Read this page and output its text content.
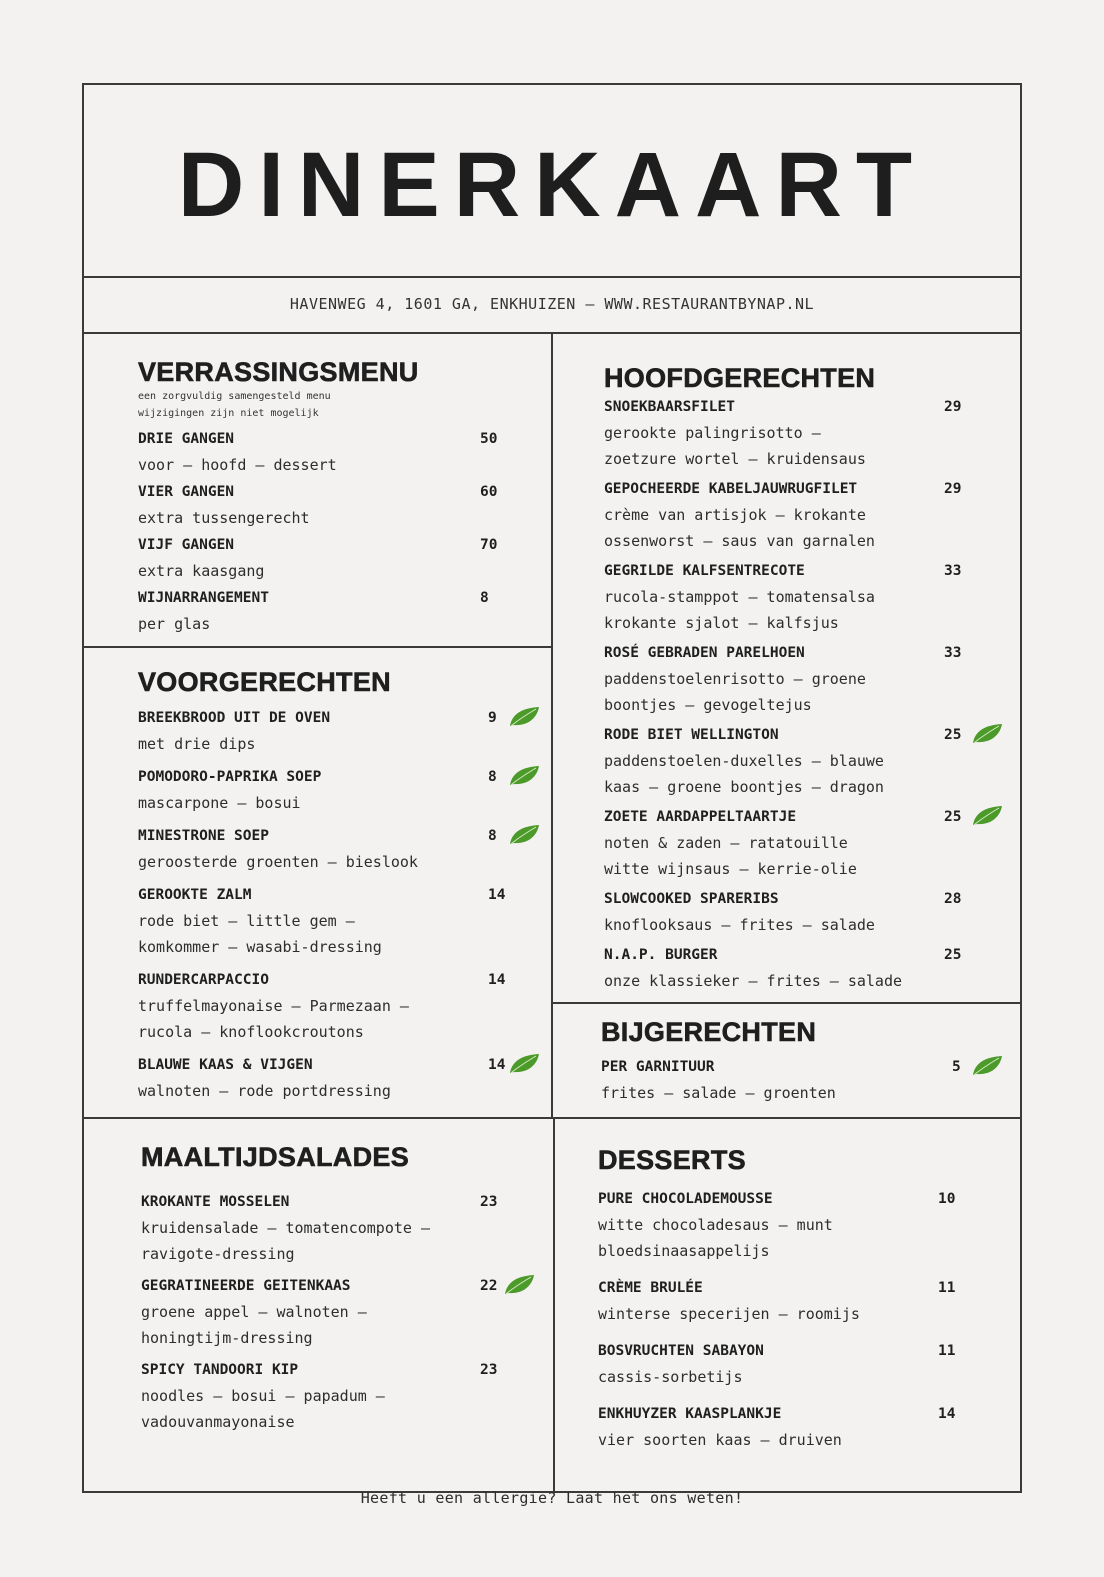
DINERKAART
HAVENWEG 4, 1601 GA, ENKHUIZEN – WWW.RESTAURANTBYNAP.NL
VERRASSINGSMENU

een zorgvuldig samengesteld menu

wijzigingen zijn niet mogelijk

DRIE GANGEN
voor – hoofd – dessert
50
VIER GANGEN
extra tussengerecht
60
VIJF GANGEN
extra kaasgang
70
WIJNARRANGEMENT
per glas
8
VOORGERECHTEN
BREEKBROOD UIT DE OVEN
met drie dips
9
POMODORO-PAPRIKA SOEP
mascarpone – bosui
8
MINESTRONE SOEP
geroosterde groenten – bieslook
8
GEROOKTE ZALM
rode biet – little gem –
komkommer – wasabi-dressing
14
RUNDERCARPACCIO
truffelmayonaise – Parmezaan –
rucola – knoflookcroutons
14
BLAUWE KAAS & VIJGEN
walnoten – rode portdressing
14
MAALTIJDSALADES
KROKANTE MOSSELEN
kruidensalade – tomatencompote –
ravigote-dressing
23
GEGRATINEERDE GEITENKAAS
groene appel – walnoten –
honingtijm-dressing
22
SPICY TANDOORI KIP
noodles – bosui – papadum –
vadouvanmayonaise
23
HOOFDGERECHTEN
SNOEKBAARSFILET
gerookte palingrisotto –
zoetzure wortel – kruidensaus
29
GEPOCHEERDE KABELJAUWRUGFILET
crème van artisjok – krokante
ossenworst – saus van garnalen
29
GEGRILDE KALFSENTRECOTE
rucola-stamppot – tomatensalsa
krokante sjalot – kalfsjus
33
ROSÉ GEBRADEN PARELHOEN
paddenstoelenrisotto – groene
boontjes – gevogeltejus
33
RODE BIET WELLINGTON
paddenstoelen-duxelles – blauwe
kaas – groene boontjes – dragon
25
ZOETE AARDAPPELTAARTJE
noten & zaden – ratatouille
witte wijnsaus – kerrie-olie
25
SLOWCOOKED SPARERIBS
knoflooksaus – frites – salade
28
N.A.P. BURGER
onze klassieker – frites – salade
25
BIJGERECHTEN
PER GARNITUUR
frites – salade – groenten
5
DESSERTS
PURE CHOCOLADEMOUSSE
witte chocoladesaus – munt
bloedsinaasappelijs
10
CRÈME BRULÉE
winterse specerijen – roomijs
11
BOSVRUCHTEN SABAYON
cassis-sorbetijs
11
ENKHUYZER KAASPLANKJE
vier soorten kaas – druiven
14
Heeft u een allergie? Laat het ons weten!
